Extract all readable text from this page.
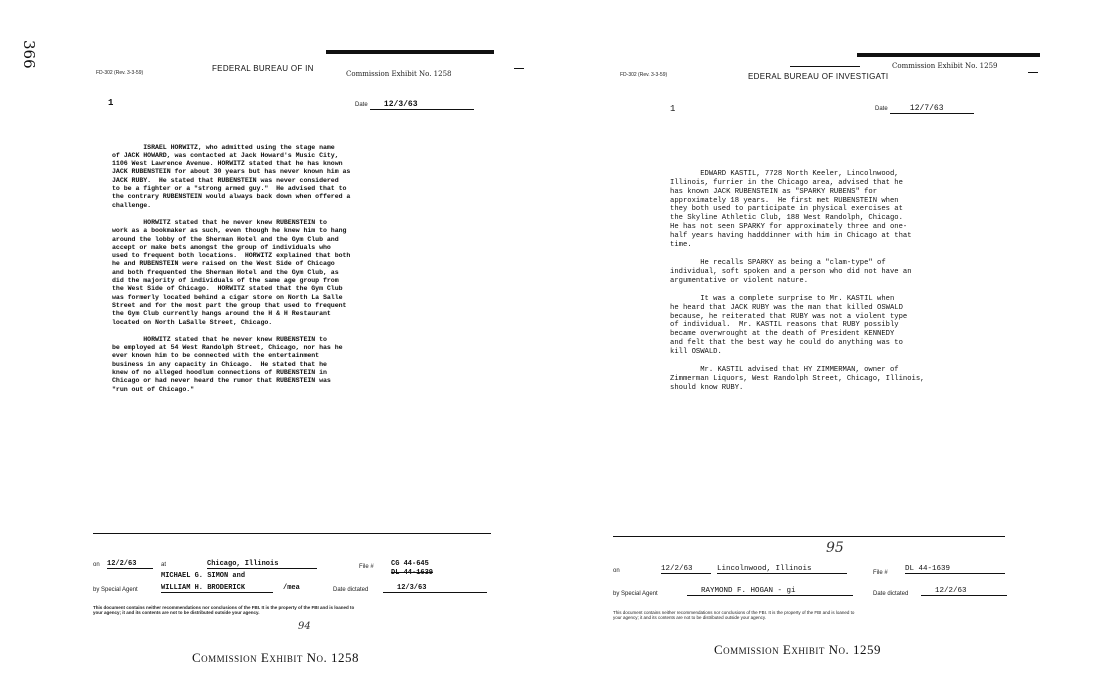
366
FD-302 (Rev. 3-3-59)	FEDERAL BUREAU OF IN
Commission Exhibit No. 1258
1	Date 12/3/63

ISRAEL HORWITZ, who admitted using the stage name
of JACK HOWARD, was contacted at Jack Howard's Music City,
1106 West Lawrence Avenue. HORWITZ stated that he has known
JACK RUBENSTEIN for about 30 years but has never known him as
JACK RUBY.  He stated that RUBENSTEIN was never considered
to be a fighter or a "strong armed guy."  He advised that to
the contrary RUBENSTEIN would always back down when offered a
challenge.
HORWITZ stated that he never knew RUBENSTEIN to
work as a bookmaker as such, even though he knew him to hang
around the lobby of the Sherman Hotel and the Gym Club and
accept or make bets amongst the group of individuals who
used to frequent both locations.  HORWITZ explained that both
he and RUBENSTEIN were raised on the West Side of Chicago
and both frequented the Sherman Hotel and the Gym Club, as
did the majority of individuals of the same age group from
the West Side of Chicago.  HORWITZ stated that the Gym Club
was formerly located behind a cigar store on North La Salle
Street and for the most part the group that used to frequent
the Gym Club currently hangs around the H & H Restaurant
located on North LaSalle Street, Chicago.
HORWITZ stated that he never knew RUBENSTEIN to
be employed at 54 West Randolph Street, Chicago, nor has he
ever known him to be connected with the entertainment
business in any capacity in Chicago.  He stated that he
knew of no alleged hoodlum connections of RUBENSTEIN in
Chicago or had never heard the rumor that RUBENSTEIN was
"run out of Chicago."

on 12/2/63	at	Chicago, Illinois	File # CG 44-645
DL 44-1639
MICHAEL G. SIMON and
by Special Agent	WILLIAM H. BRODERICK	/mea	Date dictated	12/3/63
This document contains neither recommendations nor conclusions of the FBI. It is the property of the FBI and is loaned to
your agency; it and its contents are not to be distributed outside your agency.
94
Commission Exhibit No. 1258
Commission Exhibit No. 1259
FD-302 (Rev. 3-3-59)	EDERAL BUREAU OF INVESTIGATI
1	Date	12/7/63

EDWARD KASTIL, 7728 North Keeler, Lincolnwood,
Illinois, furrier in the Chicago area, advised that he
has known JACK RUBENSTEIN as "SPARKY RUBENS" for
approximately 18 years.  He first met RUBENSTEIN when
they both used to participate in physical exercises at
the Skyline Athletic Club, 188 West Randolph, Chicago.
He has not seen SPARKY for approximately three and one-
half years having hadddinner with him in Chicago at that
time.
He recalls SPARKY as being a "clam-type" of
individual, soft spoken and a person who did not have an
argumentative or violent nature.
It was a complete surprise to Mr. KASTIL when
he heard that JACK RUBY was the man that killed OSWALD
because, he reiterated that RUBY was not a violent type
of individual.  Mr. KASTIL reasons that RUBY possibly
became overwrought at the death of President KENNEDY
and felt that the best way he could do anything was to
kill OSWALD.
Mr. KASTIL advised that HY ZIMMERMAN, owner of
Zimmerman Liquors, West Randolph Street, Chicago, Illinois,
should know RUBY.

95
on	12/2/63	Lincolnwood, Illinois	File # DL 44-1639
by Special Agent	RAYMOND F. HOGAN - gi	Date dictated	12/2/63
This document contains neither recommendations nor conclusions of the FBI. It is the property of the FBI and is loaned to
your agency; it and its contents are not to be distributed outside your agency.
Commission Exhibit No. 1259
